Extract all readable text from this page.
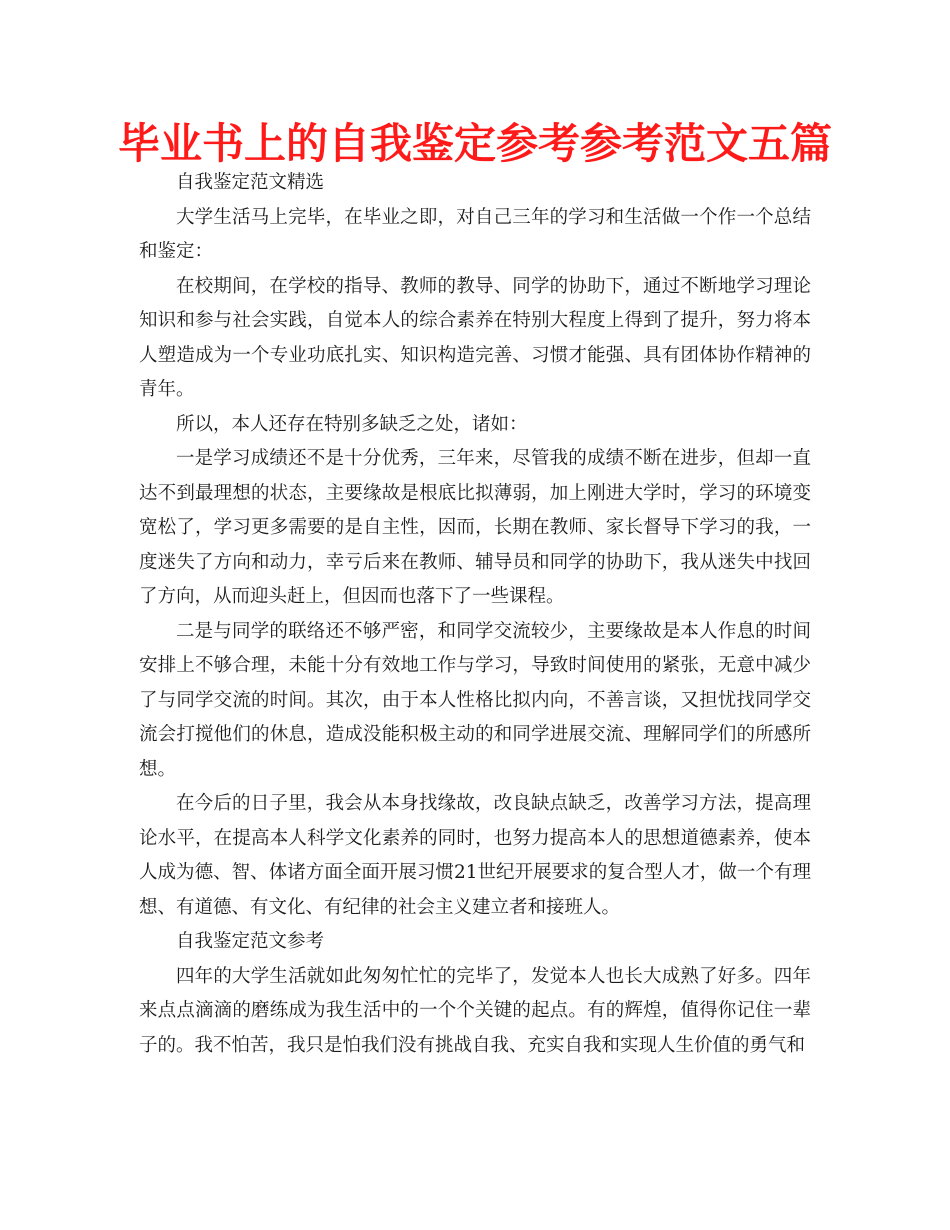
毕业书上的自我鉴定参考参考范文五篇

自我鉴定范文精选

大学生活马上完毕，在毕业之即，对自己三年的学习和生活做一个作一个总结和鉴定：

在校期间，在学校的指导、教师的教导、同学的协助下，通过不断地学习理论知识和参与社会实践，自觉本人的综合素养在特别大程度上得到了提升，努力将本人塑造成为一个专业功底扎实、知识构造完善、习惯才能强、具有团体协作精神的青年。

所以，本人还存在特别多缺乏之处，诸如：

一是学习成绩还不是十分优秀，三年来，尽管我的成绩不断在进步，但却一直达不到最理想的状态，主要缘故是根底比拟薄弱，加上刚进大学时，学习的环境变宽松了，学习更多需要的是自主性，因而，长期在教师、家长督导下学习的我，一度迷失了方向和动力，幸亏后来在教师、辅导员和同学的协助下，我从迷失中找回了方向，从而迎头赶上，但因而也落下了一些课程。

二是与同学的联络还不够严密，和同学交流较少，主要缘故是本人作息的时间安排上不够合理，未能十分有效地工作与学习，导致时间使用的紧张，无意中减少了与同学交流的时间。其次，由于本人性格比拟内向，不善言谈，又担忧找同学交流会打搅他们的休息，造成没能积极主动的和同学进展交流、理解同学们的所感所想。

在今后的日子里，我会从本身找缘故，改良缺点缺乏，改善学习方法，提高理论水平，在提高本人科学文化素养的同时，也努力提高本人的思想道德素养，使本人成为德、智、体诸方面全面开展习惯21世纪开展要求的复合型人才，做一个有理想、有道德、有文化、有纪律的社会主义建立者和接班人。

自我鉴定范文参考

四年的大学生活就如此匆匆忙忙的完毕了，发觉本人也长大成熟了好多。四年来点点滴滴的磨练成为我生活中的一个个关键的起点。有的辉煌，值得你记住一辈子的。我不怕苦，我只是怕我们没有挑战自我、充实自我和实现人生价值的勇气和
